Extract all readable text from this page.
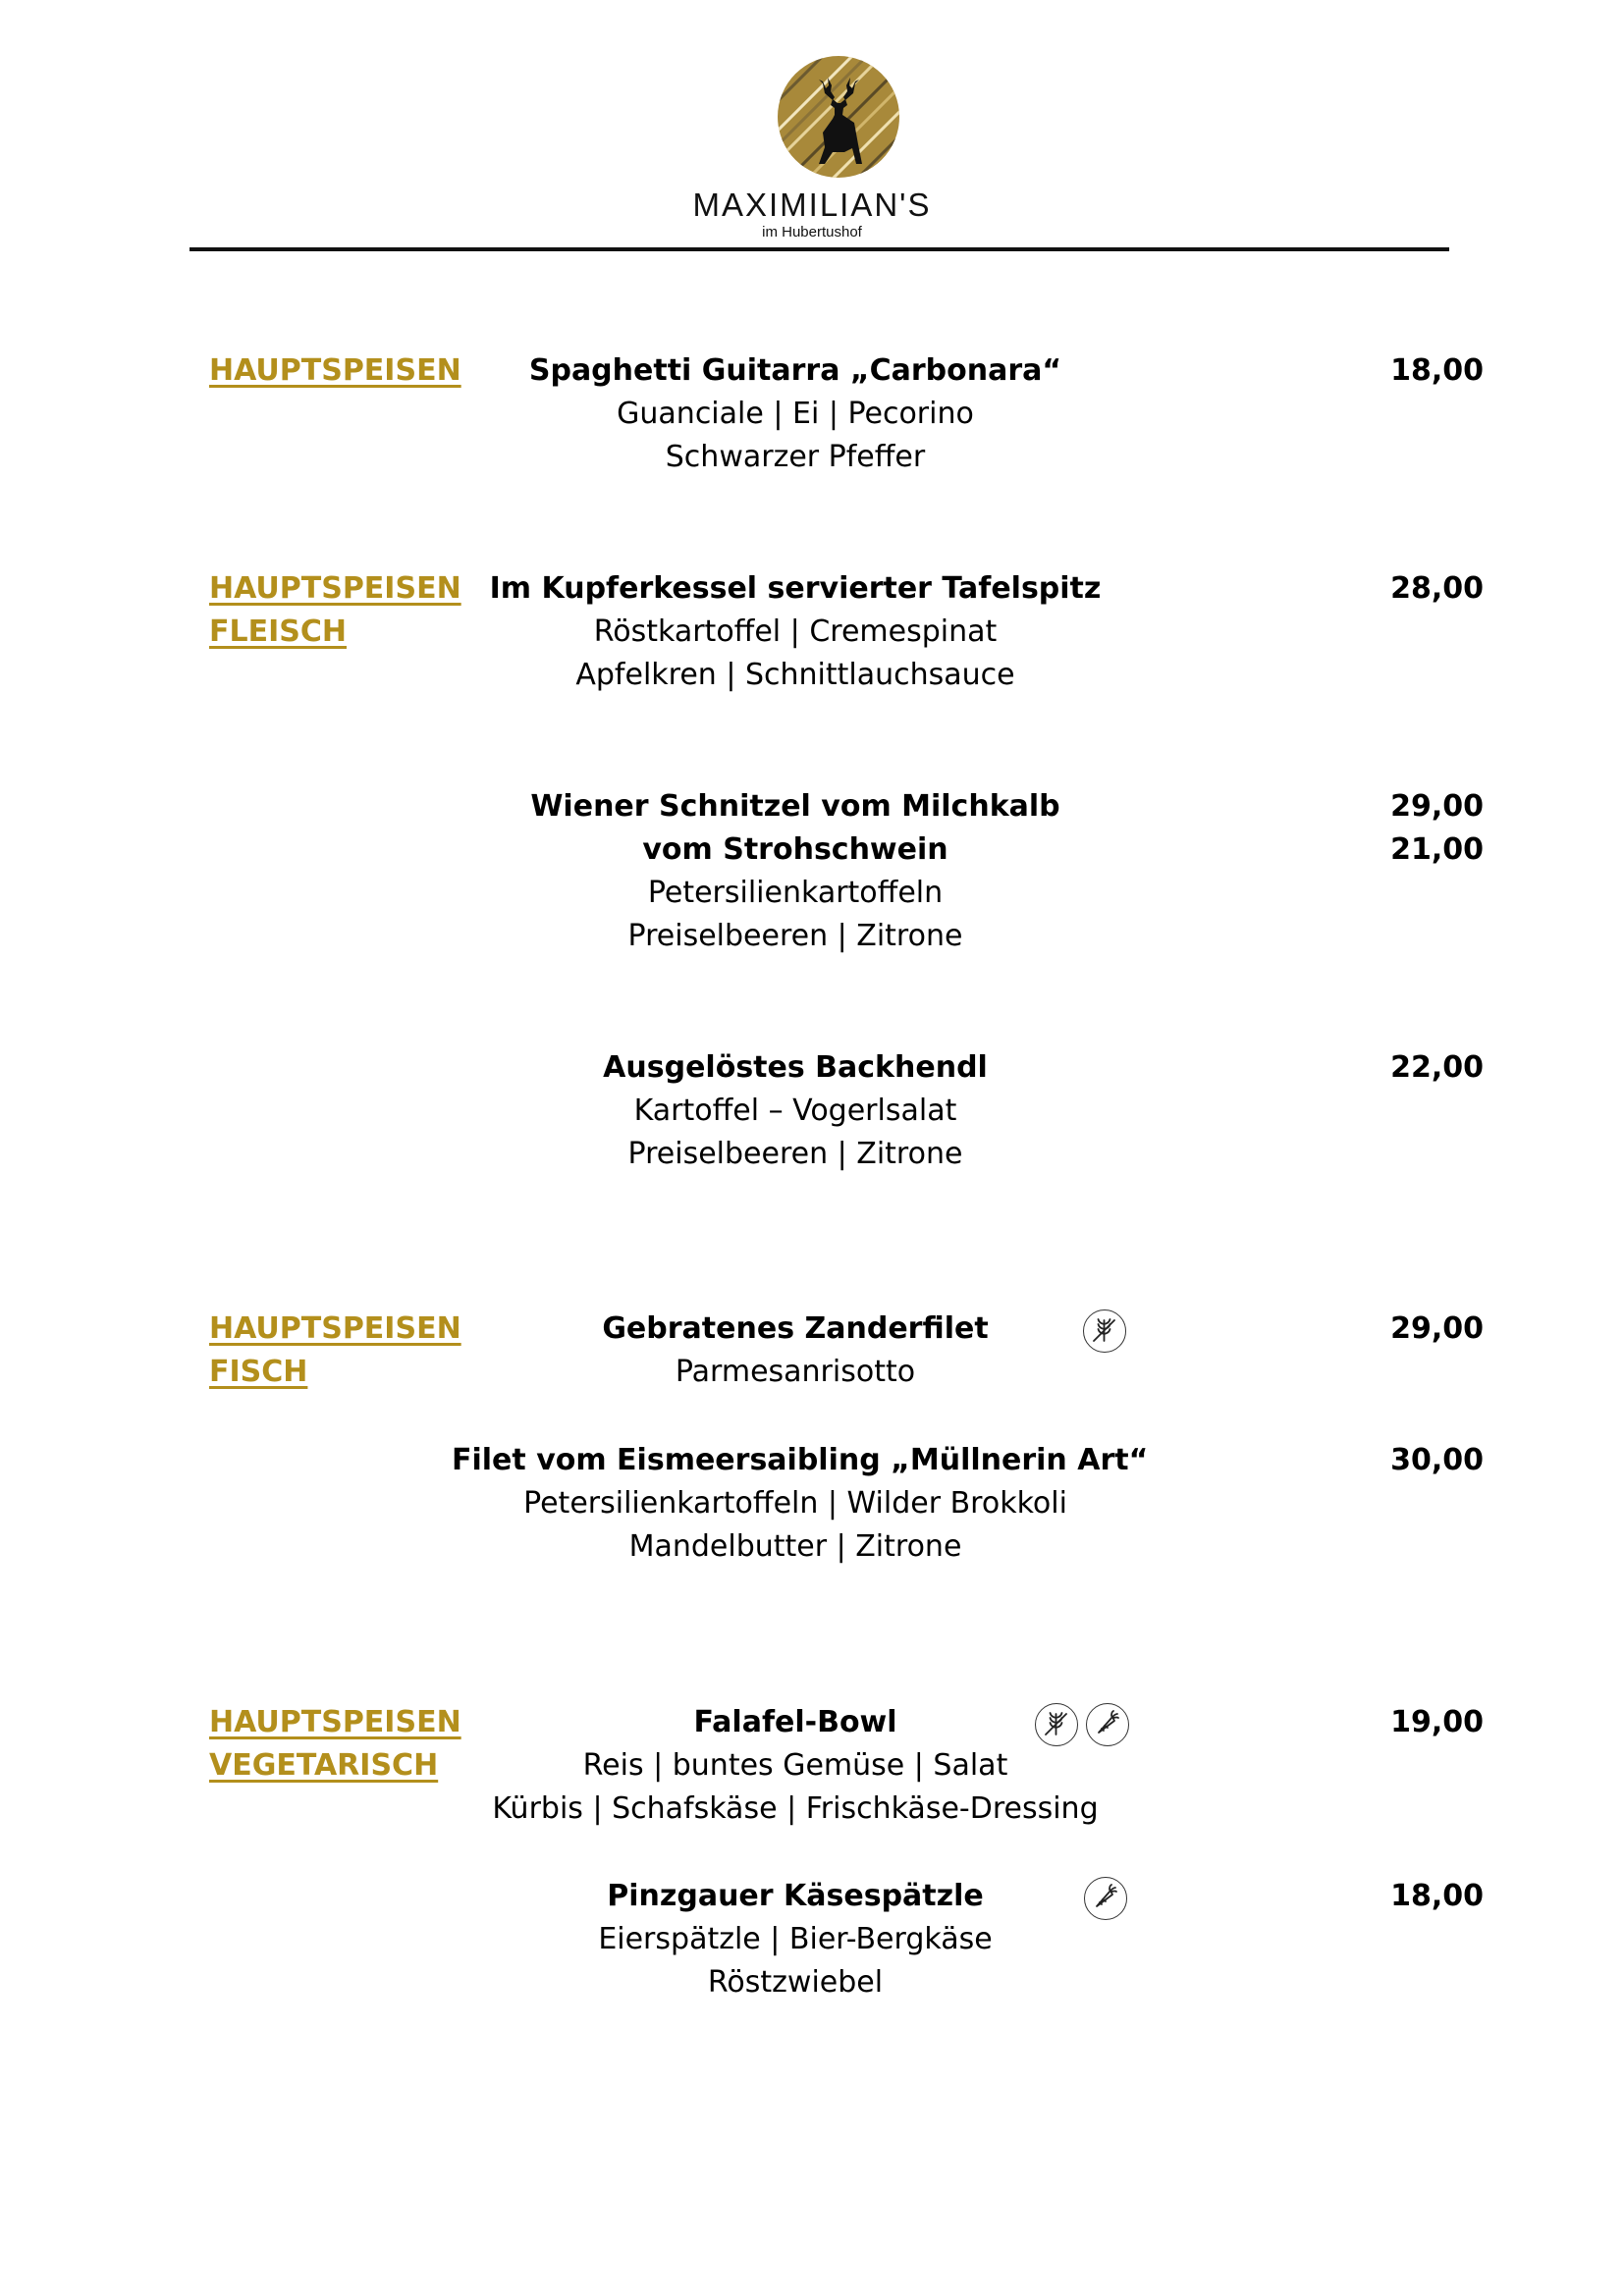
MAXIMILIAN'S
im Hubertushof
HAUPTSPEISEN	Spaghetti Guitarra „Carbonara“
Guanciale | Ei | Pecorino
Schwarzer Pfeffer
18,00
HAUPTSPEISEN
FLEISCH
Im Kupferkessel servierter Tafelspitz
Röstkartoffel | Cremespinat
Apfelkren | Schnittlauchsauce
28,00
Wiener Schnitzel vom Milchkalb
vom Strohschwein
Petersilienkartoffeln
Preiselbeeren | Zitrone
29,00
21,00
Ausgelöstes Backhendl
Kartoffel – Vogerlsalat
Preiselbeeren | Zitrone
22,00
HAUPTSPEISEN
FISCH
Gebratenes Zanderfilet
Parmesanrisotto
29,00
Filet vom Eismeersaibling „Müllnerin Art“
Petersilienkartoffeln | Wilder Brokkoli
Mandelbutter | Zitrone
30,00
HAUPTSPEISEN
VEGETARISCH
Falafel-Bowl
Reis | buntes Gemüse | Salat
Kürbis | Schafskäse | Frischkäse-Dressing
19,00
Pinzgauer Käsespätzle
Eierspätzle | Bier-Bergkäse
Röstzwiebel
18,00
